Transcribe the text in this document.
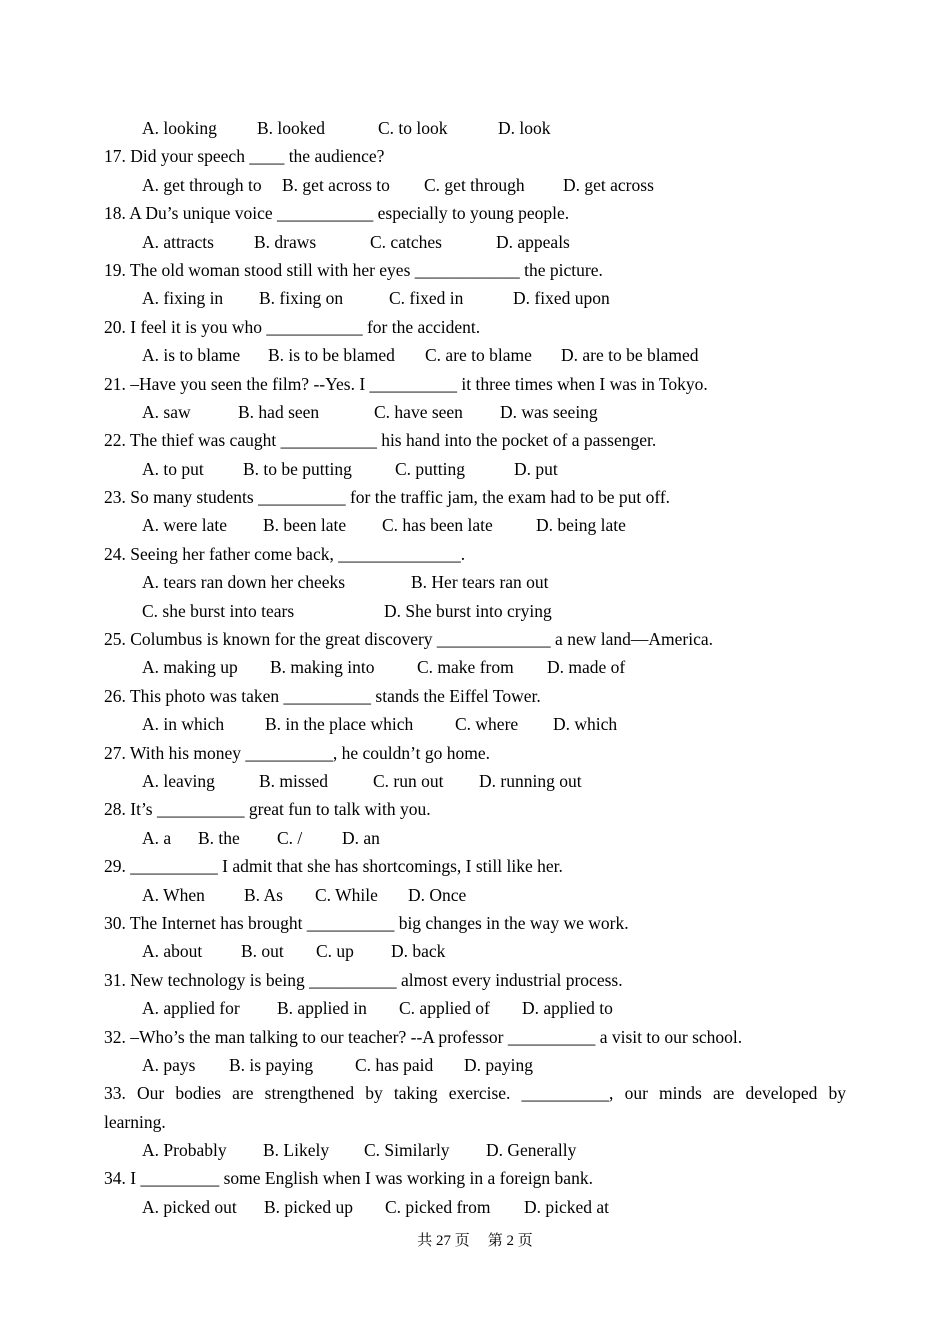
A. looking B. looked	C. to look	D. look
17. Did your speech ____ the audience?
A. get through to B. get across to C. get through D. get across
18. A Du’s unique voice ___________ especially to young people.
A. attracts B. draws	C. catches	D. appeals
19. The old woman stood still with her eyes ____________ the picture.
A. fixing in B. fixing on	C. fixed in	D. fixed upon
20. I feel it is you who ___________ for the accident.
A. is to blame B. is to be blamed C. are to blame D. are to be blamed
21. –Have you seen the film? --Yes. I __________ it three times when I was in Tokyo.
A. saw	B. had seen	C. have seen D. was seeing
22. The thief was caught ___________ his hand into the pocket of a passenger.
A. to put B. to be putting C. putting	D. put
23. So many students __________ for the traffic jam, the exam had to be put off.
A. were late B. been late C. has been late D. being late
24. Seeing her father come back, ______________.
A. tears ran down her cheeks	B. Her tears ran out
C. she burst into tears	D. She burst into crying
25. Columbus is known for the great discovery _____________ a new land—America.
A. making up B. making into C. make from D. made of
26. This photo was taken __________ stands the Eiffel Tower.
A. in which B. in the place which C. where D. which
27. With his money __________, he couldn’t go home.
A. leaving	B. missed	C. run out D. running out
28. It’s __________ great fun to talk with you.
A. a B. the C. / D. an
29. __________ I admit that she has shortcomings, I still like her.
A. When B. As C. While D. Once
30. The Internet has brought __________ big changes in the way we work.
A. about B. out C. up D. back
31. New technology is being __________ almost every industrial process.
A. applied for B. applied in C. applied of D. applied to
32. –Who’s the man talking to our teacher? --A professor __________ a visit to our school.
A. pays B. is paying C. has paid D. paying
33. Our bodies are strengthened by taking exercise. __________, our minds are developed by
learning.
A. Probably B. Likely C. Similarly D. Generally
34. I _________ some English when I was working in a foreign bank.
A. picked out B. picked up C. picked from D. picked at
共 27 页 第 2 页
